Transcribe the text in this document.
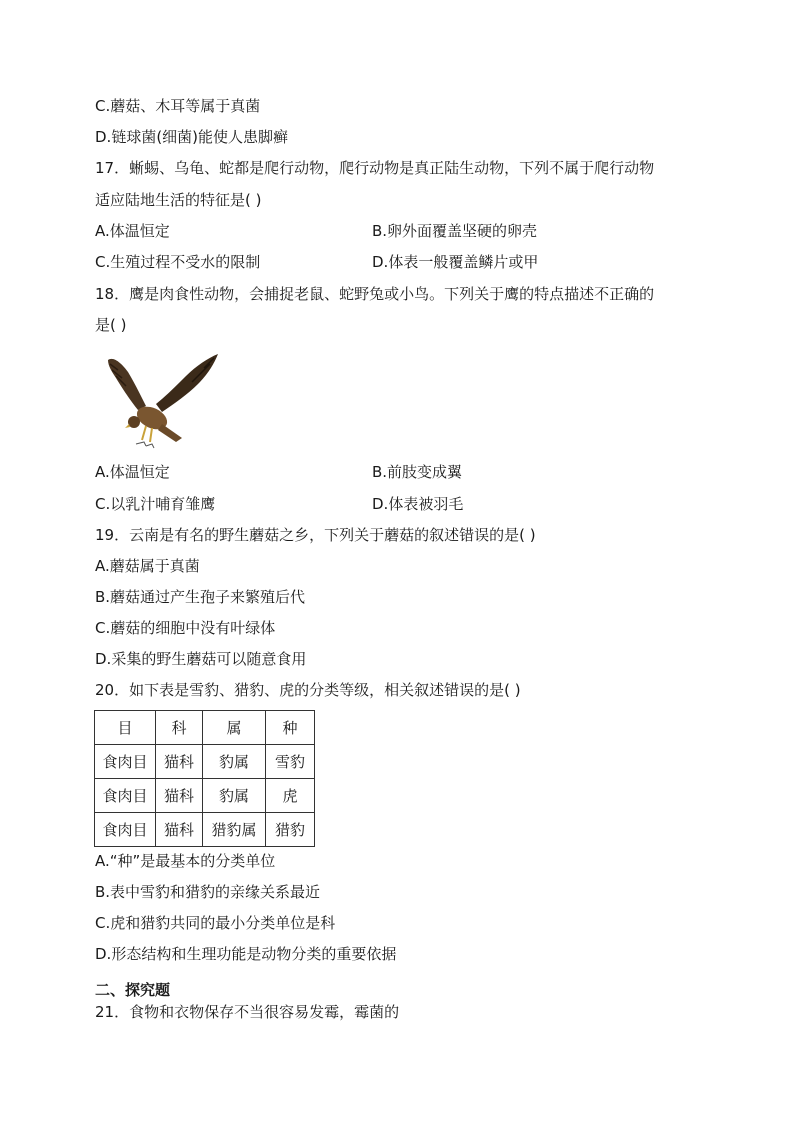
C.蘑菇、木耳等属于真菌
D.链球菌(细菌)能使人患脚癣
17．蜥蜴、乌龟、蛇都是爬行动物，爬行动物是真正陆生动物，下列不属于爬行动物
适应陆地生活的特征是( )
A.体温恒定	B.卵外面覆盖坚硬的卵壳
C.生殖过程不受水的限制	D.体表一般覆盖鳞片或甲
18．鹰是肉食性动物，会捕捉老鼠、蛇野兔或小鸟。下列关于鹰的特点描述不正确的
是( )
A.体温恒定	B.前肢变成翼
C.以乳汁哺育雏鹰	D.体表被羽毛
19．云南是有名的野生蘑菇之乡，下列关于蘑菇的叙述错误的是( )
A.蘑菇属于真菌
B.蘑菇通过产生孢子来繁殖后代
C.蘑菇的细胞中没有叶绿体
D.采集的野生蘑菇可以随意食用
20．如下表是雪豹、猎豹、虎的分类等级，相关叙述错误的是( )
目	科	属	种
食肉目	猫科	豹属	雪豹
食肉目	猫科	豹属	虎
食肉目	猫科	猎豹属	猎豹
A.“种”是最基本的分类单位
B.表中雪豹和猎豹的亲缘关系最近
C.虎和猎豹共同的最小分类单位是科
D.形态结构和生理功能是动物分类的重要依据
二、探究题
21．食物和衣物保存不当很容易发霉，霉菌的
